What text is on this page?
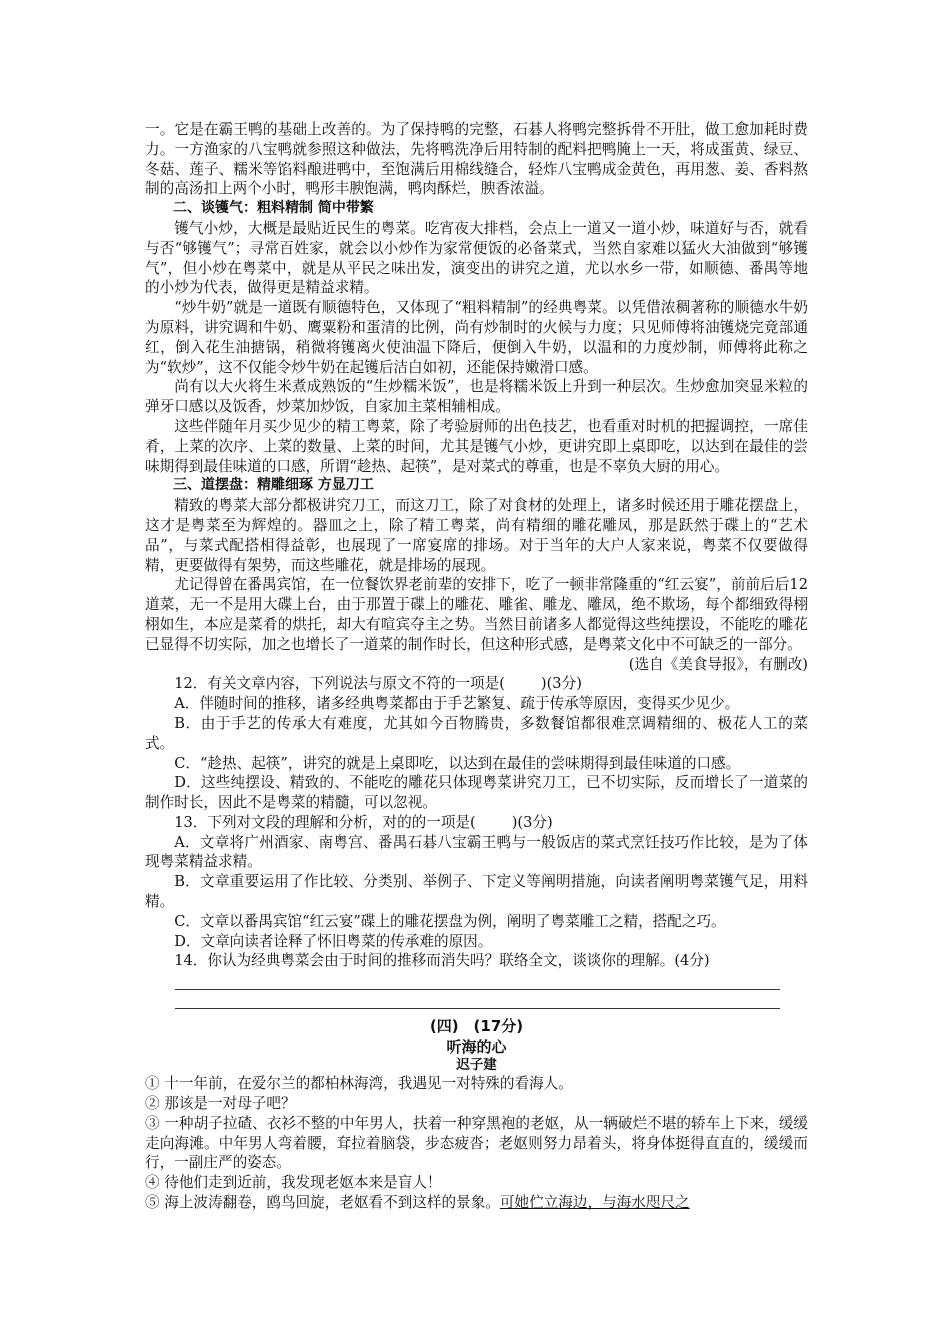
一。它是在霸王鸭的基础上改善的。为了保持鸭的完整，石碁人将鸭完整拆骨不开肚，做工愈加耗时费力。一方渔家的八宝鸭就参照这种做法，先将鸭洗净后用特制的配料把鸭腌上一天，将成蛋黄、绿豆、冬菇、莲子、糯米等馅料酿进鸭中，至饱满后用棉线缝合，轻炸八宝鸭成金黄色，再用葱、姜、香料熬制的高汤扣上两个小时，鸭形丰腴饱满，鸭肉酥烂，腴香浓溢。

二、谈镬气：粗料精制 简中带繁

镬气小炒，大概是最贴近民生的粤菜。吃宵夜大排档，会点上一道又一道小炒，味道好与否，就看与否“够镬气”；寻常百姓家，就会以小炒作为家常便饭的必备菜式，当然自家难以猛火大油做到“够镬气”，但小炒在粤菜中，就是从平民之味出发，演变出的讲究之道，尤以水乡一带，如顺德、番禺等地的小炒为代表，做得更是精益求精。

“炒牛奶”就是一道既有顺德特色，又体现了“粗料精制”的经典粤菜。以凭借浓稠著称的顺德水牛奶为原料，讲究调和牛奶、鹰粟粉和蛋清的比例，尚有炒制时的火候与力度；只见师傅将油镬烧完竟部通红，倒入花生油搪锅，稍微将镬离火使油温下降后，便倒入牛奶，以温和的力度炒制，师傅将此称之为“软炒”，这不仅能令炒牛奶在起镬后洁白如初，还能保持嫩滑口感。

尚有以大火将生米煮成熟饭的“生炒糯米饭”，也是将糯米饭上升到一种层次。生炒愈加突显米粒的弹牙口感以及饭香，炒菜加炒饭，自家加主菜相辅相成。

这些伴随年月买少见少的精工粤菜，除了考验厨师的出色技艺，也看重对时机的把握调控，一席佳肴，上菜的次序、上菜的数量、上菜的时间，尤其是镬气小炒，更讲究即上桌即吃，以达到在最佳的尝味期得到最佳味道的口感，所谓“趁热、起筷”，是对菜式的尊重，也是不辜负大厨的用心。

三、道摆盘：精雕细琢 方显刀工

精致的粤菜大部分都极讲究刀工，而这刀工，除了对食材的处理上，诸多时候还用于雕花摆盘上，这才是粤菜至为辉煌的。器皿之上，除了精工粤菜，尚有精细的雕花雕凤，那是跃然于碟上的“艺术品”，与菜式配搭相得益彰，也展现了一席宴席的排场。对于当年的大户人家来说，粤菜不仅要做得精，更要做得有架势，而这些雕花，就是排场的展现。

尤记得曾在番禺宾馆，在一位餐饮界老前辈的安排下，吃了一顿非常隆重的“红云宴”，前前后后12道菜，无一不是用大碟上台，由于那置于碟上的雕花、雕雀、雕龙、雕凤，绝不欺场，每个都细致得栩栩如生，本应是菜肴的烘托，却大有喧宾夺主之势。当然目前诸多人都觉得这些纯摆设，不能吃的雕花已显得不切实际，加之也增长了一道菜的制作时长，但这种形式感，是粤菜文化中不可缺乏的一部分。

(选自《美食导报》，有删改)

12．有关文章内容，下列说法与原文不符的一项是( )(3分)

A．伴随时间的推移，诸多经典粤菜都由于手艺繁复、疏于传承等原因，变得买少见少。

B．由于手艺的传承大有难度，尤其如今百物腾贵，多数餐馆都很难烹调精细的、极花人工的菜式。

C．“趁热、起筷”，讲究的就是上桌即吃，以达到在最佳的尝味期得到最佳味道的口感。

D．这些纯摆设、精致的、不能吃的雕花只体现粤菜讲究刀工，已不切实际，反而增长了一道菜的制作时长，因此不是粤菜的精髓，可以忽视。

13．下列对文段的理解和分析，对的的一项是( )(3分)

A．文章将广州酒家、南粤宫、番禺石碁八宝霸王鸭与一般饭店的菜式烹饪技巧作比较，是为了体现粤菜精益求精。

B．文章重要运用了作比较、分类别、举例子、下定义等阐明措施，向读者阐明粤菜镬气足，用料精。

C．文章以番禺宾馆“红云宴”碟上的雕花摆盘为例，阐明了粤菜雕工之精，搭配之巧。

D．文章向读者诠释了怀旧粤菜的传承难的原因。

14．你认为经典粤菜会由于时间的推移而消失吗？联络全文，谈谈你的理解。(4分)

(四)　(17分)

听海的心

迟子建

① 十一年前，在爱尔兰的都柏林海湾，我遇见一对特殊的看海人。

② 那该是一对母子吧？

③ 一种胡子拉碴、衣衫不整的中年男人，扶着一种穿黑袍的老妪，从一辆破烂不堪的轿车上下来，缓缓走向海滩。中年男人弯着腰，耷拉着脑袋，步态疲沓；老妪则努力昂着头，将身体挺得直直的，缓缓而行，一副庄严的姿态。

④ 待他们走到近前，我发现老妪本来是盲人！

⑤ 海上波涛翻卷，鸥鸟回旋，老妪看不到这样的景象。可她伫立海边，与海水咫尺之
